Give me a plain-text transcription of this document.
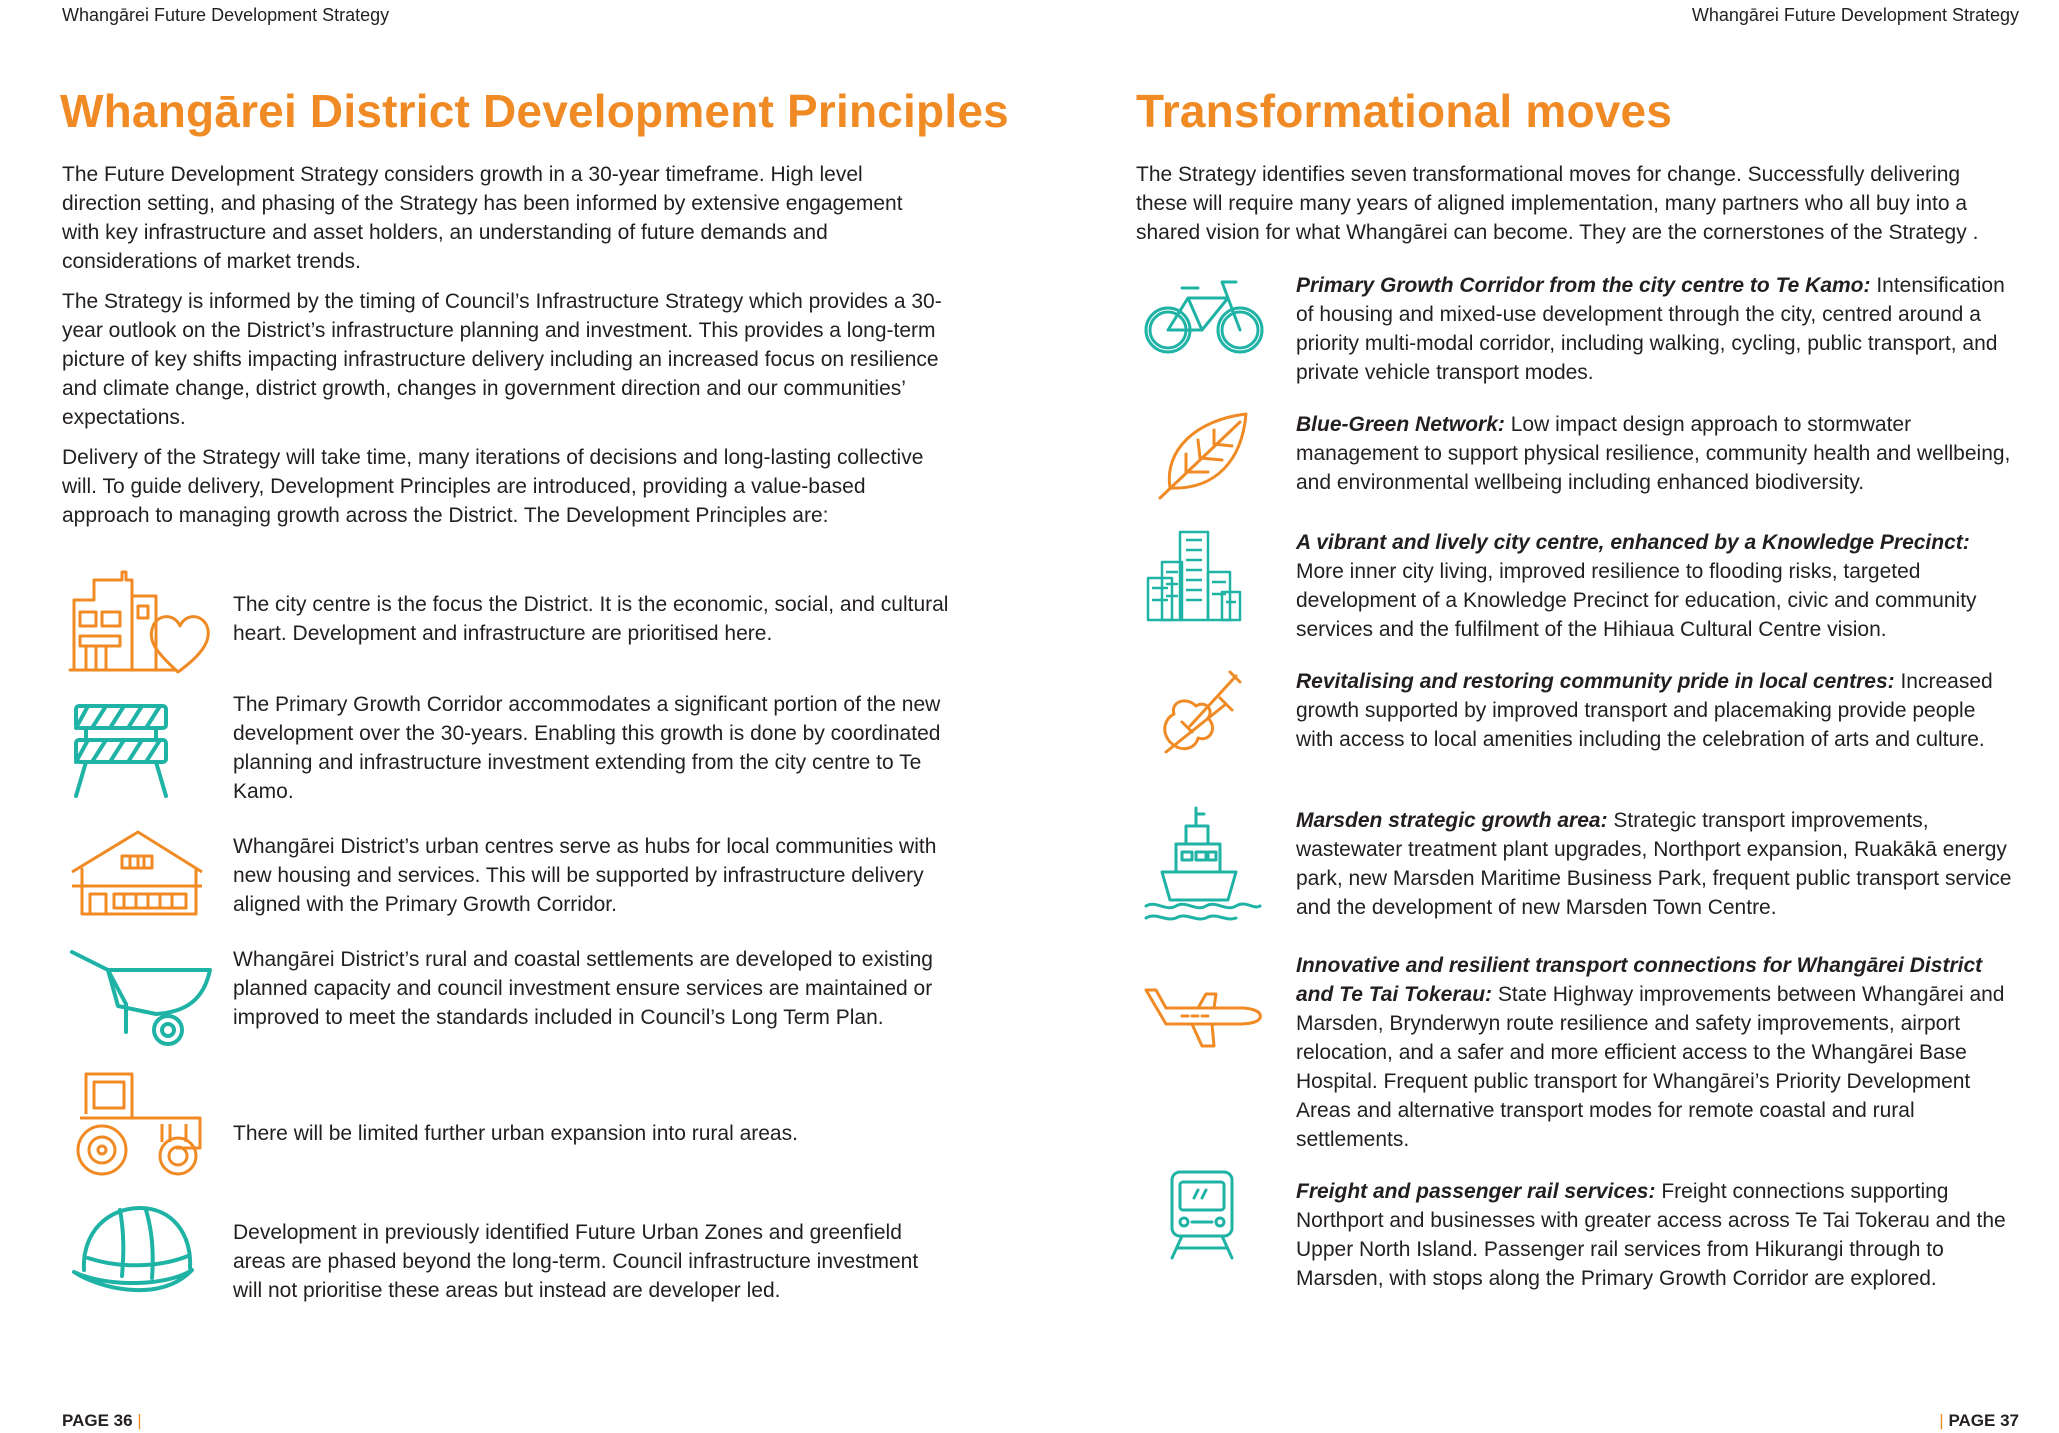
Whangārei Future Development Strategy	Whangārei Future Development Strategy
Whangārei District Development Principles

The Future Development Strategy considers growth in a 30-year timeframe. High level direction setting, and phasing of the Strategy has been informed by extensive engagement with key infrastructure and asset holders, an understanding of future demands and considerations of market trends.

The Strategy is informed by the timing of Council’s Infrastructure Strategy which provides a 30-year outlook on the District’s infrastructure planning and investment. This provides a long-term picture of key shifts impacting infrastructure delivery including an increased focus on resilience and climate change, district growth, changes in government direction and our communities’ expectations.

Delivery of the Strategy will take time, many iterations of decisions and long-lasting collective will. To guide delivery, Development Principles are introduced, providing a value-based approach to managing growth across the District. The Development Principles are:

The city centre is the focus the District. It is the economic, social, and cultural heart. Development and infrastructure are prioritised here.

The Primary Growth Corridor accommodates a significant portion of the new development over the 30-years. Enabling this growth is done by coordinated planning and infrastructure investment extending from the city centre to Te Kamo.

Whangārei District’s urban centres serve as hubs for local communities with new housing and services. This will be supported by infrastructure delivery aligned with the Primary Growth Corridor.

Whangārei District’s rural and coastal settlements are developed to existing planned capacity and council investment ensure services are maintained or improved to meet the standards included in Council’s Long Term Plan.

There will be limited further urban expansion into rural areas.

Development in previously identified Future Urban Zones and greenfield areas are phased beyond the long-term. Council infrastructure investment will not prioritise these areas but instead are developer led.

Transformational moves

The Strategy identifies seven transformational moves for change. Successfully delivering these will require many years of aligned implementation, many partners who all buy into a shared vision for what Whangārei can become. They are the cornerstones of the Strategy .

Primary Growth Corridor from the city centre to Te Kamo: Intensification of housing and mixed-use development through the city, centred around a priority multi-modal corridor, including walking, cycling, public transport, and private vehicle transport modes.

Blue-Green Network: Low impact design approach to stormwater management to support physical resilience, community health and wellbeing, and environmental wellbeing including enhanced biodiversity.

A vibrant and lively city centre, enhanced by a Knowledge Precinct: More inner city living, improved resilience to flooding risks, targeted development of a Knowledge Precinct for education, civic and community services and the fulfilment of the Hihiaua Cultural Centre vision.

Revitalising and restoring community pride in local centres: Increased growth supported by improved transport and placemaking provide people with access to local amenities including the celebration of arts and culture.

Marsden strategic growth area: Strategic transport improvements, wastewater treatment plant upgrades, Northport expansion, Ruakākā energy park, new Marsden Maritime Business Park, frequent public transport service and the development of new Marsden Town Centre.

Innovative and resilient transport connections for Whangārei District and Te Tai Tokerau: State Highway improvements between Whangārei and Marsden, Brynderwyn route resilience and safety improvements, airport relocation, and a safer and more efficient access to the Whangārei Base Hospital. Frequent public transport for Whangārei’s Priority Development Areas and alternative transport modes for remote coastal and rural settlements.

Freight and passenger rail services: Freight connections supporting Northport and businesses with greater access across Te Tai Tokerau and the Upper North Island. Passenger rail services from Hikurangi through to Marsden, with stops along the Primary Growth Corridor are explored.

PAGE 36 |	| PAGE 37
